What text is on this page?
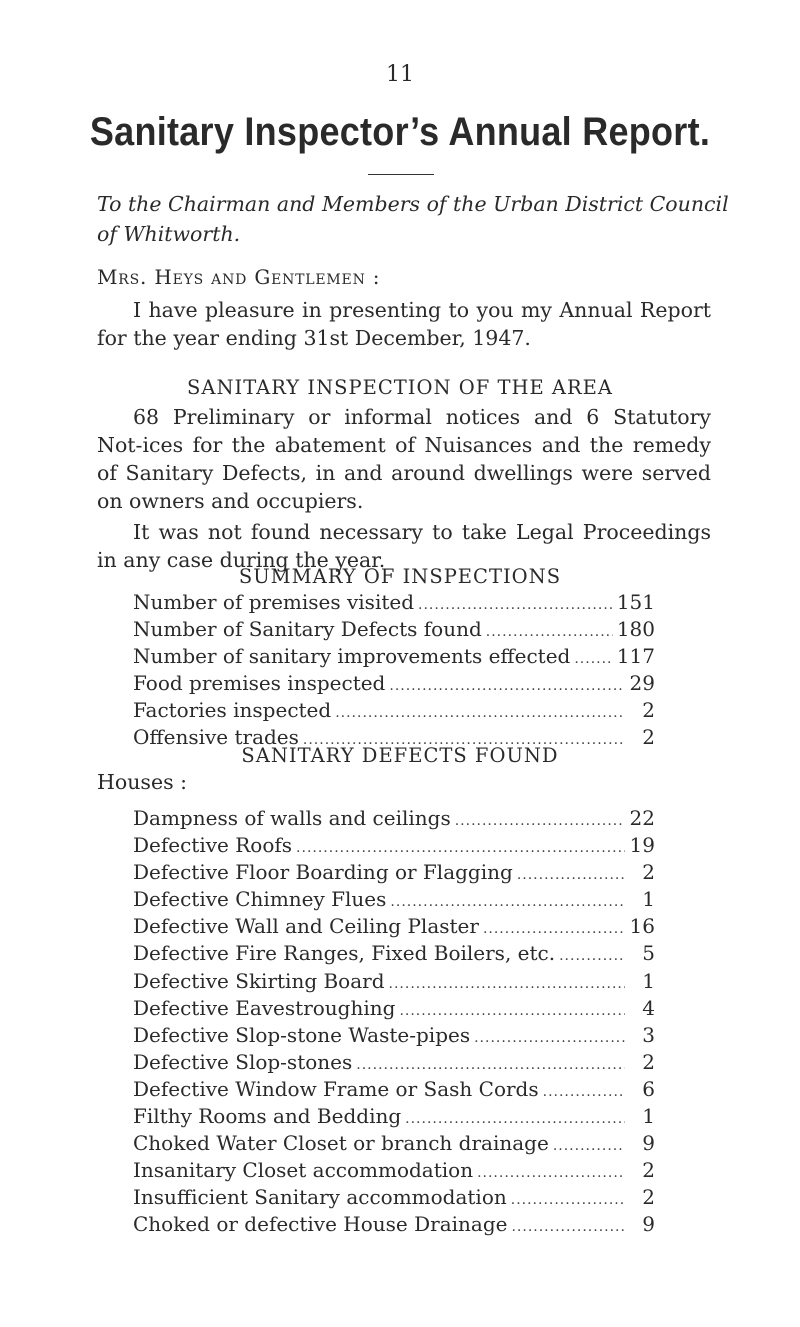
11
Sanitary Inspector’s Annual Report.
To the Chairman and Members of the Urban District Council of Whitworth.
Mrs. Heys and Gentlemen :
I have pleasure in presenting to you my Annual Report for the year ending 31st December, 1947.
SANITARY INSPECTION OF THE AREA
68 Preliminary or informal notices and 6 Statutory Not-ices for the abatement of Nuisances and the remedy of Sanitary Defects, in and around dwellings were served on owners and occupiers.
It was not found necessary to take Legal Proceedings in any case during the year.
SUMMARY OF INSPECTIONS
Number of premises visited .....	151
Number of Sanitary Defects found .....	180
Number of sanitary improvements effected ..... 117
Food premises inspected .....	29
Factories inspected .....	2
Offensive trades .....	2
SANITARY DEFECTS FOUND
Houses :
Dampness of walls and ceilings .....	22
Defective Roofs .....	19
Defective Floor Boarding or Flagging .....	2
Defective Chimney Flues .....	1
Defective Wall and Ceiling Plaster .....	16
Defective Fire Ranges, Fixed Boilers, etc. .....	5
Defective Skirting Board .....	1
Defective Eavestroughing .....	4
Defective Slop-stone Waste-pipes .....	3
Defective Slop-stones .....	2
Defective Window Frame or Sash Cords .....	6
Filthy Rooms and Bedding .....	1
Choked Water Closet or branch drainage .....	9
Insanitary Closet accommodation .....	2
Insufficient Sanitary accommodation .....	2
Choked or defective House Drainage .....	9
